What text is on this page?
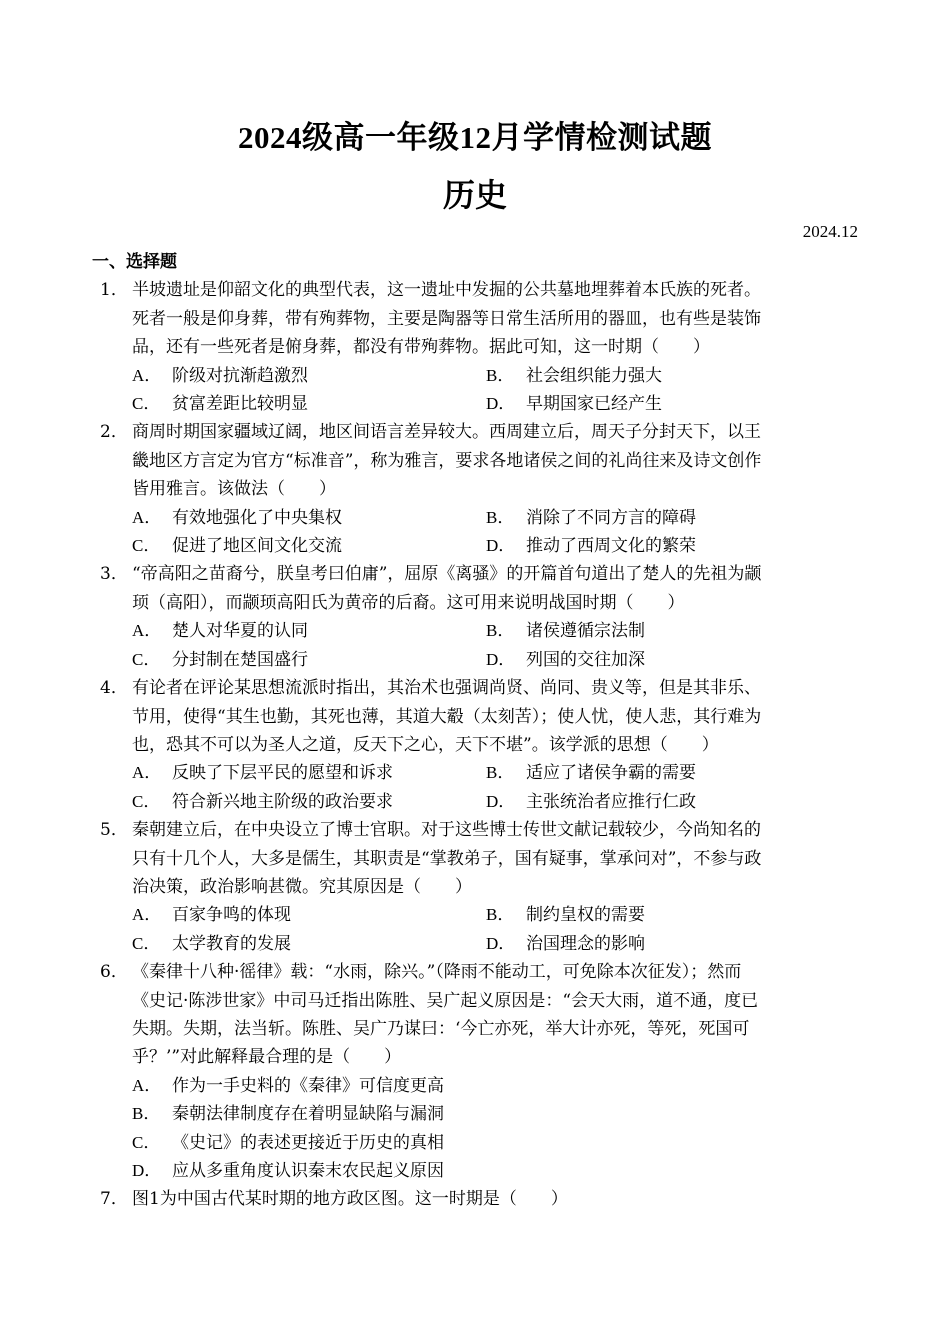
2024级高一年级12月学情检测试题
历史
2024.12
一、选择题
1． 半坡遗址是仰韶文化的典型代表，这一遗址中发掘的公共墓地埋葬着本氏族的死者。
死者一般是仰身葬，带有殉葬物，主要是陶器等日常生活所用的器皿，也有些是装饰
品，还有一些死者是俯身葬，都没有带殉葬物。据此可知，这一时期（　　）
A． 阶级对抗渐趋激烈	B． 社会组织能力强大
C． 贫富差距比较明显	D． 早期国家已经产生
2． 商周时期国家疆域辽阔，地区间语言差异较大。西周建立后，周天子分封天下，以王
畿地区方言定为官方“标准音”，称为雅言，要求各地诸侯之间的礼尚往来及诗文创作
皆用雅言。该做法（　　）
A． 有效地强化了中央集权	B． 消除了不同方言的障碍
C． 促进了地区间文化交流	D． 推动了西周文化的繁荣
3． “帝高阳之苗裔兮，朕皇考曰伯庸”，屈原《离骚》的开篇首句道出了楚人的先祖为颛
顼（高阳），而颛顼高阳氏为黄帝的后裔。这可用来说明战国时期（　　）
A． 楚人对华夏的认同	B． 诸侯遵循宗法制
C． 分封制在楚国盛行	D． 列国的交往加深
4． 有论者在评论某思想流派时指出，其治术也强调尚贤、尚同、贵义等，但是其非乐、
节用，使得“其生也勤，其死也薄，其道大觳（太刻苦）；使人忧，使人悲，其行难为
也，恐其不可以为圣人之道，反天下之心，天下不堪”。该学派的思想（　　）
A． 反映了下层平民的愿望和诉求	B． 适应了诸侯争霸的需要
C． 符合新兴地主阶级的政治要求	D． 主张统治者应推行仁政
5． 秦朝建立后，在中央设立了博士官职。对于这些博士传世文献记载较少，今尚知名的
只有十几个人，大多是儒生，其职责是“掌教弟子，国有疑事，掌承问对”，不参与政
治决策，政治影响甚微。究其原因是（　　）
A． 百家争鸣的体现	B． 制约皇权的需要
C． 太学教育的发展	D． 治国理念的影响
6． 《秦律十八种·徭律》载：“水雨，除兴。”（降雨不能动工，可免除本次征发）；然而
《史记·陈涉世家》中司马迁指出陈胜、吴广起义原因是：“会天大雨，道不通，度已
失期。失期，法当斩。陈胜、吴广乃谋曰：‘今亡亦死，举大计亦死，等死，死国可
乎？’”对此解释最合理的是（　　）
A． 作为一手史料的《秦律》可信度更高
B． 秦朝法律制度存在着明显缺陷与漏洞
C． 《史记》的表述更接近于历史的真相
D． 应从多重角度认识秦末农民起义原因
7． 图1为中国古代某时期的地方政区图。这一时期是（　　）
